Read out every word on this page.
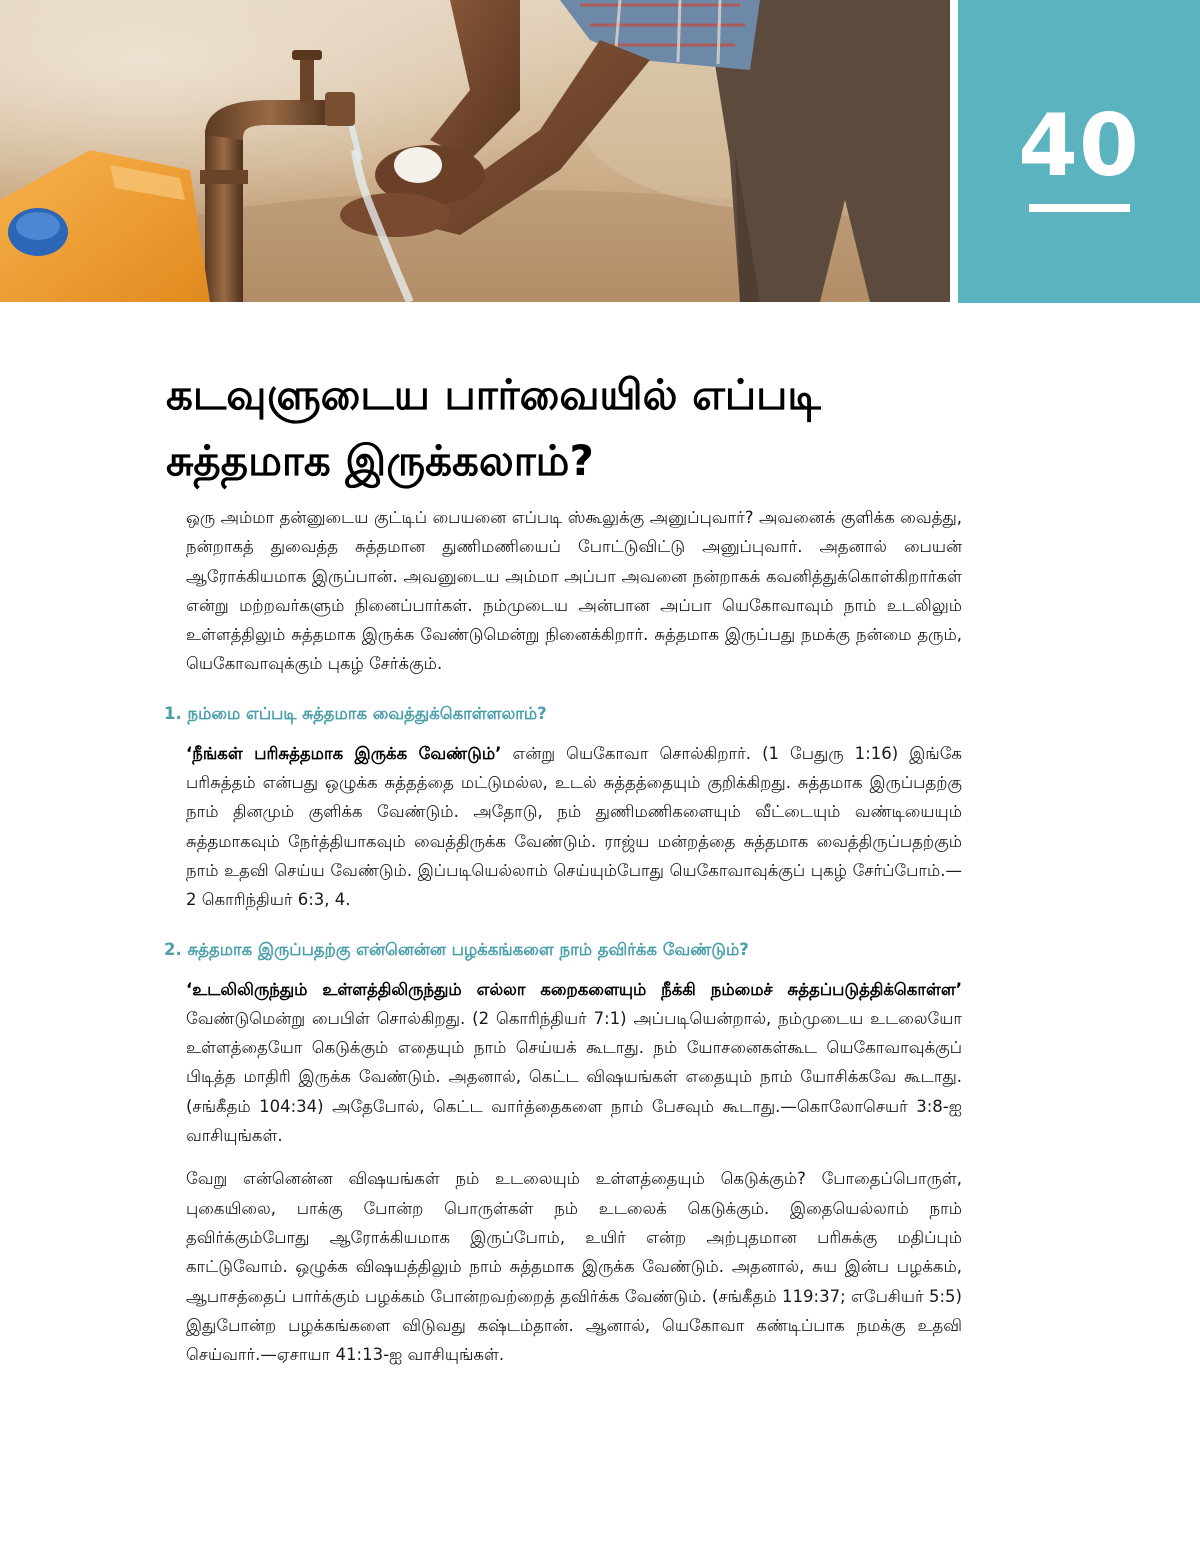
40
கடவுளுடைய பார்வையில் எப்படி சுத்தமாக இருக்கலாம்?

ஒரு அம்மா தன்னுடைய குட்டிப் பையனை எப்படி ஸ்கூலுக்கு அனுப்புவார்? அவனைக் குளிக்க வைத்து, நன்றாகத் துவைத்த சுத்தமான துணிமணியைப் போட்டுவிட்டு அனுப்புவார். அதனால் பையன் ஆரோக்கியமாக இருப்பான். அவனுடைய அம்மா அப்பா அவனை நன்றாகக் கவனித்துக்கொள்கிறார்கள் என்று மற்றவர்களும் நினைப்பார்கள். நம்முடைய அன்பான அப்பா யெகோவாவும் நாம் உடலிலும் உள்ளத்திலும் சுத்தமாக இருக்க வேண்டுமென்று நினைக்கிறார். சுத்தமாக இருப்பது நமக்கு நன்மை தரும், யெகோவாவுக்கும் புகழ் சேர்க்கும்.

1. நம்மை எப்படி சுத்தமாக வைத்துக்கொள்ளலாம்?

‘நீங்கள் பரிசுத்தமாக இருக்க வேண்டும்’ என்று யெகோவா சொல்கிறார். (1 பேதுரு 1:16) இங்கே பரிசுத்தம் என்பது ஒழுக்க சுத்தத்தை மட்டுமல்ல, உடல் சுத்தத்தையும் குறிக்கிறது. சுத்தமாக இருப்பதற்கு நாம் தினமும் குளிக்க வேண்டும். அதோடு, நம் துணிமணிகளையும் வீட்டையும் வண்டியையும் சுத்தமாகவும் நேர்த்தியாகவும் வைத்திருக்க வேண்டும். ராஜ்ய மன்றத்தை சுத்தமாக வைத்திருப்பதற்கும் நாம் உதவி செய்ய வேண்டும். இப்படியெல்லாம் செய்யும்போது யெகோவாவுக்குப் புகழ் சேர்ப்போம்.—2 கொரிந்தியர் 6:3, 4.

2. சுத்தமாக இருப்பதற்கு என்னென்ன பழக்கங்களை நாம் தவிர்க்க வேண்டும்?

‘உடலிலிருந்தும் உள்ளத்திலிருந்தும் எல்லா கறைகளையும் நீக்கி நம்மைச் சுத்தப்படுத்திக்கொள்ள’ வேண்டுமென்று பைபிள் சொல்கிறது. (2 கொரிந்தியர் 7:1) அப்படியென்றால், நம்முடைய உடலையோ உள்ளத்தையோ கெடுக்கும் எதையும் நாம் செய்யக் கூடாது. நம் யோசனைகள்கூட யெகோவாவுக்குப் பிடித்த மாதிரி இருக்க வேண்டும். அதனால், கெட்ட விஷயங்கள் எதையும் நாம் யோசிக்கவே கூடாது. (சங்கீதம் 104:34) அதேபோல், கெட்ட வார்த்தைகளை நாம் பேசவும் கூடாது.—கொலோசெயர் 3:8-ஐ வாசியுங்கள்.

வேறு என்னென்ன விஷயங்கள் நம் உடலையும் உள்ளத்தையும் கெடுக்கும்? போதைப்பொருள், புகையிலை, பாக்கு போன்ற பொருள்கள் நம் உடலைக் கெடுக்கும். இதையெல்லாம் நாம் தவிர்க்கும்போது ஆரோக்கியமாக இருப்போம், உயிர் என்ற அற்புதமான பரிசுக்கு மதிப்பும் காட்டுவோம். ஒழுக்க விஷயத்திலும் நாம் சுத்தமாக இருக்க வேண்டும். அதனால், சுய இன்ப பழக்கம், ஆபாசத்தைப் பார்க்கும் பழக்கம் போன்றவற்றைத் தவிர்க்க வேண்டும். (சங்கீதம் 119:37; எபேசியர் 5:5) இதுபோன்ற பழக்கங்களை விடுவது கஷ்டம்தான். ஆனால், யெகோவா கண்டிப்பாக நமக்கு உதவி செய்வார்.—ஏசாயா 41:13-ஐ வாசியுங்கள்.
